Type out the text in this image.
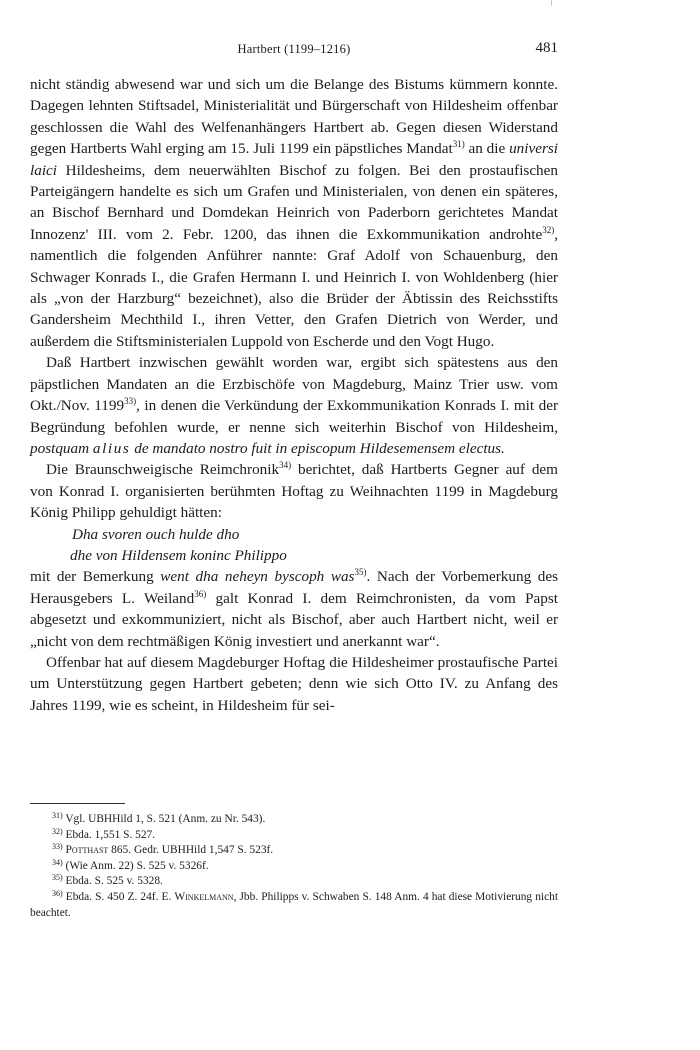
Hartbert (1199–1216)	481

nicht ständig abwesend war und sich um die Belange des Bistums kümmern konnte. Dagegen lehnten Stiftsadel, Ministerialität und Bürgerschaft von Hildesheim offenbar geschlossen die Wahl des Welfenanhängers Hartbert ab. Gegen diesen Widerstand gegen Hartberts Wahl erging am 15. Juli 1199 ein päpstliches Mandat$^{31)}$ an die universi laici Hildesheims, dem neuerwählten Bischof zu folgen. Bei den prostaufischen Parteigängern handelte es sich um Grafen und Ministerialen, von denen ein späteres, an Bischof Bernhard und Domdekan Heinrich von Paderborn gerichtetes Mandat Innozenz' III. vom 2. Febr. 1200, das ihnen die Exkommunikation androhte$^{32)}$, namentlich die folgenden Anführer nannte: Graf Adolf von Schauenburg, den Schwager Konrads I., die Grafen Hermann I. und Heinrich I. von Wohldenberg (hier als „von der Harzburg“ bezeichnet), also die Brüder der Äbtissin des Reichsstifts Gandersheim Mechthild I., ihren Vetter, den Grafen Dietrich von Werder, und außerdem die Stiftsministerialen Luppold von Escherde und den Vogt Hugo.

Daß Hartbert inzwischen gewählt worden war, ergibt sich spätestens aus den päpstlichen Mandaten an die Erzbischöfe von Magdeburg, Mainz Trier usw. vom Okt./Nov. 1199$^{33)}$, in denen die Verkündung der Exkommunikation Konrads I. mit der Begründung befohlen wurde, er nenne sich weiterhin Bischof von Hildesheim, postquam alius de mandato nostro fuit in episcopum Hildesemensem electus.

Die Braunschweigische Reimchronik$^{34)}$ berichtet, daß Hartberts Gegner auf dem von Konrad I. organisierten berühmten Hoftag zu Weihnachten 1199 in Magdeburg König Philipp gehuldigt hätten:

Dha svoren ouch hulde dho

dhe von Hildensem koninc Philippo

mit der Bemerkung went dha neheyn byscoph was$^{35)}$. Nach der Vorbemerkung des Herausgebers L. Weiland$^{36)}$ galt Konrad I. dem Reimchronisten, da vom Papst abgesetzt und exkommuniziert, nicht als Bischof, aber auch Hartbert nicht, weil er „nicht von dem rechtmäßigen König investiert und anerkannt war“.

Offenbar hat auf diesem Magdeburger Hoftag die Hildesheimer prostaufische Partei um Unterstützung gegen Hartbert gebeten; denn wie sich Otto IV. zu Anfang des Jahres 1199, wie es scheint, in Hildesheim für sei-

$^{31)}$ Vgl. UBHHild 1, S. 521 (Anm. zu Nr. 543).
$^{32)}$ Ebda. 1,551 S. 527.
$^{33)}$ Potthast 865. Gedr. UBHHild 1,547 S. 523f.
$^{34)}$ (Wie Anm. 22) S. 525 v. 5326f.
$^{35)}$ Ebda. S. 525 v. 5328.
$^{36)}$ Ebda. S. 450 Z. 24f. E. Winkelmann, Jbb. Philipps v. Schwaben S. 148 Anm. 4 hat diese Motivierung nicht beachtet.
